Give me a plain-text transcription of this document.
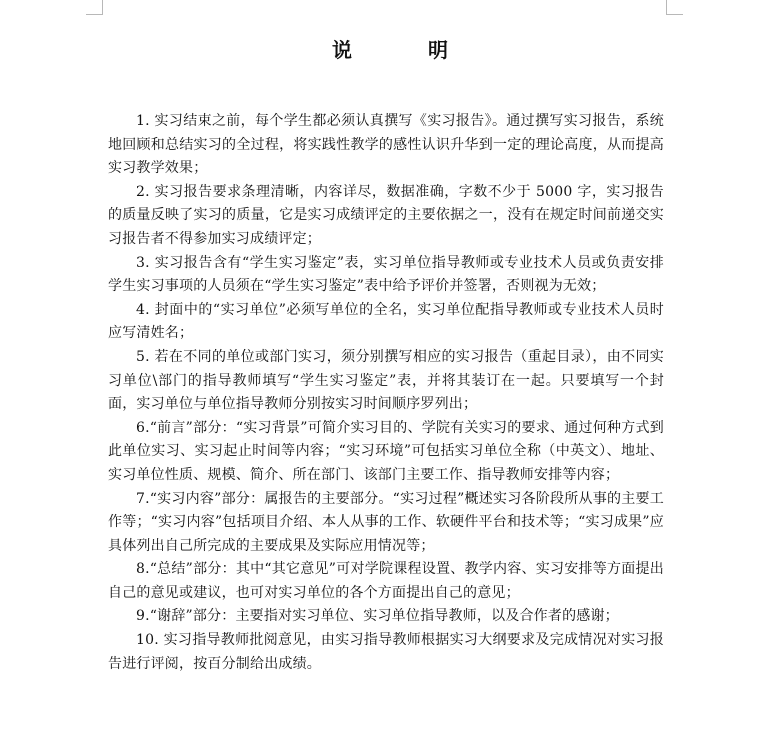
说　明

1. 实习结束之前，每个学生都必须认真撰写《实习报告》。通过撰写实习报告，系统地回顾和总结实习的全过程，将实践性教学的感性认识升华到一定的理论高度，从而提高实习教学效果；

2. 实习报告要求条理清晰，内容详尽，数据准确，字数不少于 5000 字，实习报告的质量反映了实习的质量，它是实习成绩评定的主要依据之一，没有在规定时间前递交实习报告者不得参加实习成绩评定；

3. 实习报告含有“学生实习鉴定”表，实习单位指导教师或专业技术人员或负责安排学生实习事项的人员须在“学生实习鉴定”表中给予评价并签署，否则视为无效；

4. 封面中的“实习单位”必须写单位的全名，实习单位配指导教师或专业技术人员时应写清姓名；

5. 若在不同的单位或部门实习，须分别撰写相应的实习报告（重起目录），由不同实习单位\部门的指导教师填写“学生实习鉴定”表，并将其装订在一起。只要填写一个封面，实习单位与单位指导教师分别按实习时间顺序罗列出；

6.“前言”部分：“实习背景”可简介实习目的、学院有关实习的要求、通过何种方式到此单位实习、实习起止时间等内容；“实习环境”可包括实习单位全称（中英文）、地址、实习单位性质、规模、简介、所在部门、该部门主要工作、指导教师安排等内容；

7.“实习内容”部分：属报告的主要部分。“实习过程”概述实习各阶段所从事的主要工作等；“实习内容”包括项目介绍、本人从事的工作、软硬件平台和技术等；“实习成果”应具体列出自己所完成的主要成果及实际应用情况等；

8.“总结”部分：其中“其它意见”可对学院课程设置、教学内容、实习安排等方面提出自己的意见或建议，也可对实习单位的各个方面提出自己的意见；

9.“谢辞”部分：主要指对实习单位、实习单位指导教师，以及合作者的感谢；

10. 实习指导教师批阅意见，由实习指导教师根据实习大纲要求及完成情况对实习报告进行评阅，按百分制给出成绩。
